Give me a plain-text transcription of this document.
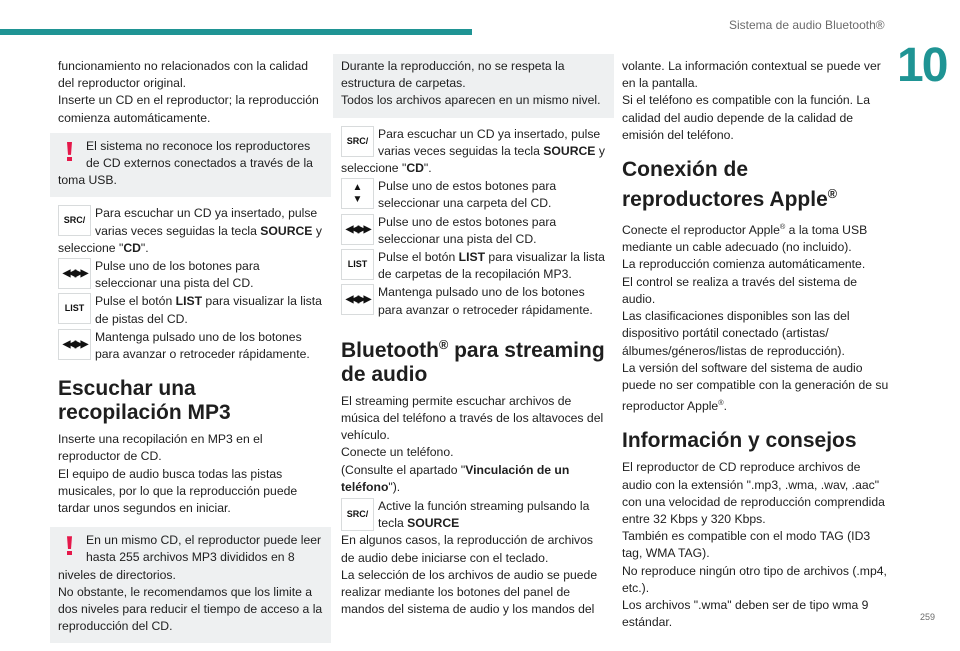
Sistema de audio Bluetooth®
10
259

funcionamiento no relacionados con la calidad del reproductor original.

Inserte un CD en el reproductor; la reproducción comienza automáticamente.

El sistema no reconoce los reproductores de CD externos conectados a través de la toma USB.
SRC/ Para escuchar un CD ya insertado, pulse varias veces seguidas la tecla SOURCE y seleccione "CD".
◀◀ ▶▶
Pulse uno de los botones para seleccionar una pista del CD.
LIST Pulse el botón LIST para visualizar la lista de pistas del CD.
◀◀ ▶▶
Mantenga pulsado uno de los botones para avanzar o retroceder rápidamente.
Escuchar una recopilación MP3

Inserte una recopilación en MP3 en el reproductor de CD.

El equipo de audio busca todas las pistas musicales, por lo que la reproducción puede tardar unos segundos en iniciar.

En un mismo CD, el reproductor puede leer hasta 255 archivos MP3 divididos en 8 niveles de directorios.
No obstante, le recomendamos que los limite a dos niveles para reducir el tiempo de acceso a la reproducción del CD.

Durante la reproducción, no se respeta la estructura de carpetas.

Todos los archivos aparecen en un mismo nivel.

SRC/ Para escuchar un CD ya insertado, pulse varias veces seguidas la tecla SOURCE y seleccione "CD".
▲
▼
Pulse uno de estos botones para seleccionar una carpeta del CD.
◀◀ ▶▶
Pulse uno de estos botones para seleccionar una pista del CD.
LIST Pulse el botón LIST para visualizar la lista de carpetas de la recopilación MP3.
◀◀ ▶▶
Mantenga pulsado uno de los botones para avanzar o retroceder rápidamente.
Bluetooth® para streaming de audio

El streaming permite escuchar archivos de música del teléfono a través de los altavoces del vehículo.

Conecte un teléfono.

(Consulte el apartado "Vinculación de un teléfono").

SRC/
Active la función streaming pulsando la tecla SOURCE

En algunos casos, la reproducción de archivos de audio debe iniciarse con el teclado.

La selección de los archivos de audio se puede realizar mediante los botones del panel de mandos del sistema de audio y los mandos del

volante. La información contextual se puede ver en la pantalla.

Si el teléfono es compatible con la función. La calidad del audio depende de la calidad de emisión del teléfono.

Conexión de reproductores Apple®

Conecte el reproductor Apple® a la toma USB mediante un cable adecuado (no incluido).

La reproducción comienza automáticamente.

El control se realiza a través del sistema de audio.

Las clasificaciones disponibles son las del dispositivo portátil conectado (artistas/álbumes/géneros/listas de reproducción).

La versión del software del sistema de audio puede no ser compatible con la generación de su reproductor Apple®.

Información y consejos

El reproductor de CD reproduce archivos de audio con la extensión ".mp3, .wma, .wav, .aac" con una velocidad de reproducción comprendida entre 32 Kbps y 320 Kbps.

También es compatible con el modo TAG (ID3 tag, WMA TAG).

No reproduce ningún otro tipo de archivos (.mp4, etc.).

Los archivos ".wma" deben ser de tipo wma 9 estándar.
